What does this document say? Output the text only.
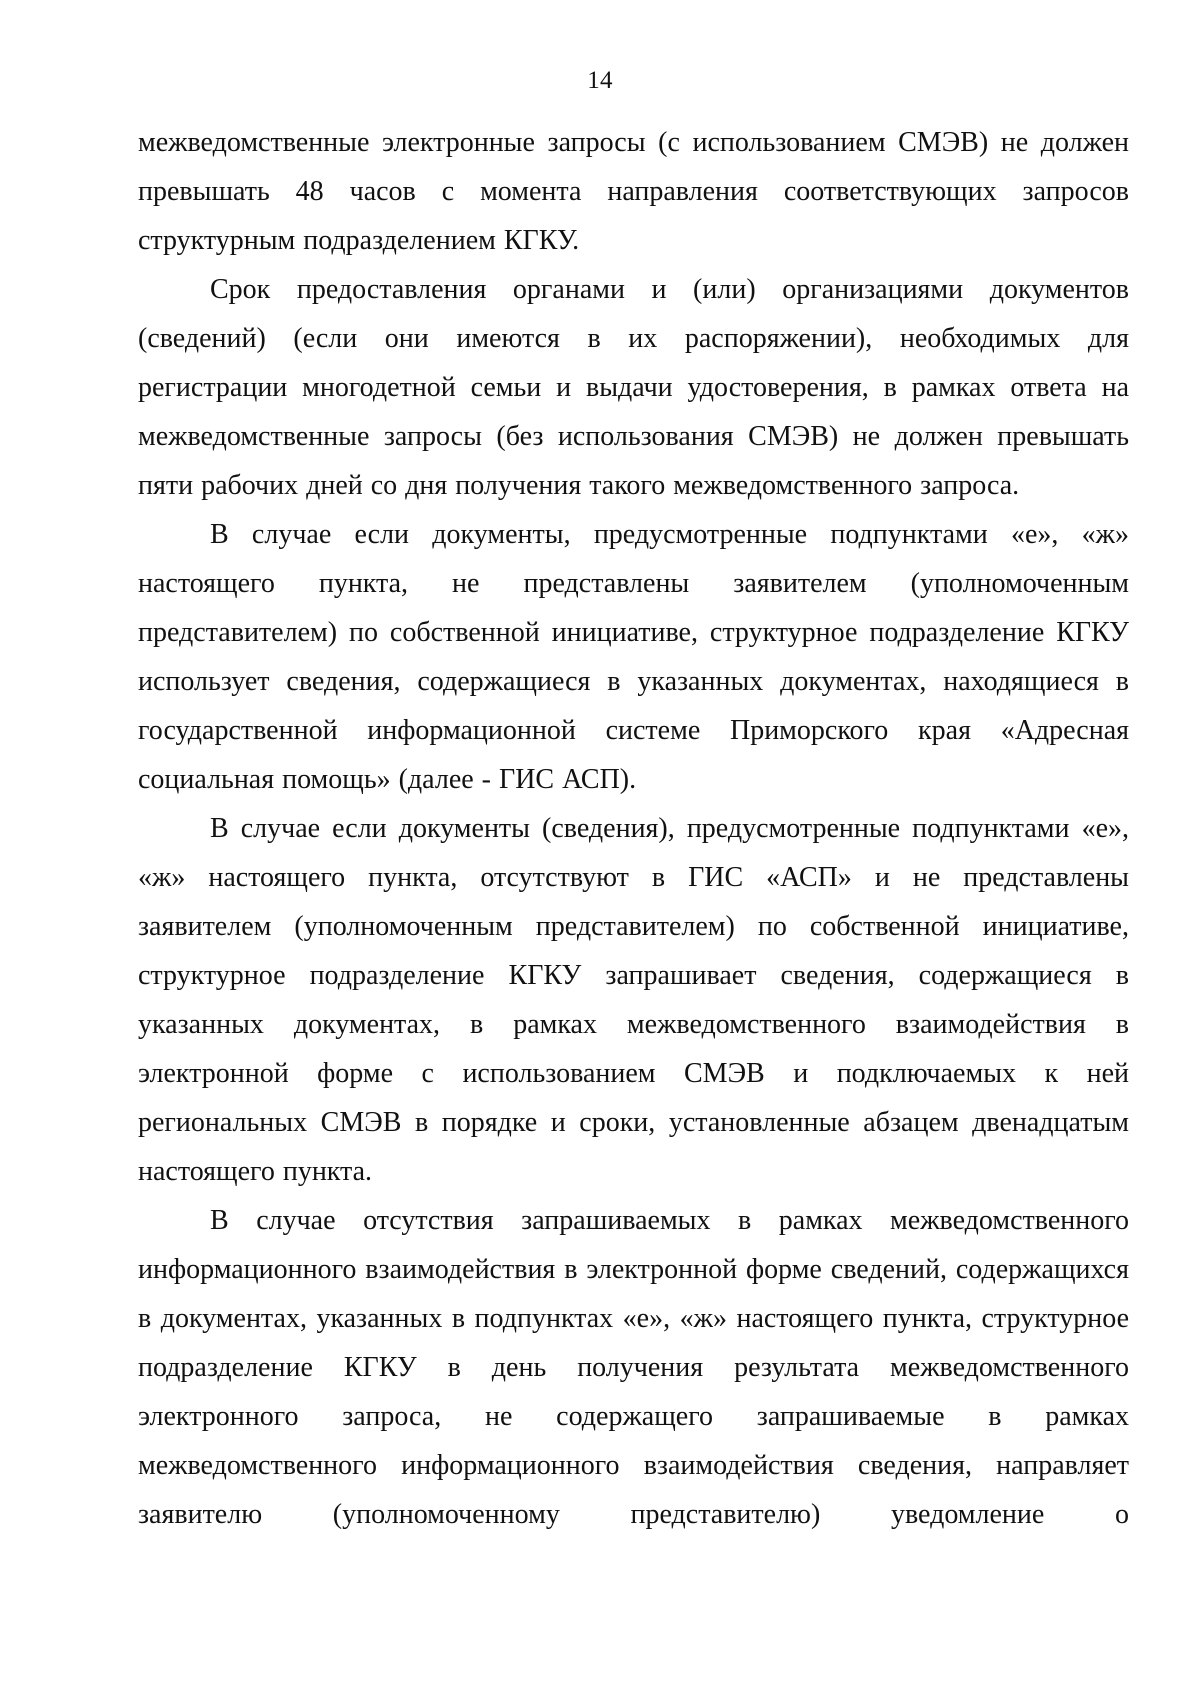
14

межведомственные электронные запросы (с использованием СМЭВ) не должен превышать 48 часов с момента направления соответствующих запросов структурным подразделением КГКУ.

Срок предоставления органами и (или) организациями документов (сведений) (если они имеются в их распоряжении), необходимых для регистрации многодетной семьи и выдачи удостоверения, в рамках ответа на межведомственные запросы (без использования СМЭВ) не должен превышать пяти рабочих дней со дня получения такого межведомственного запроса.

В случае если документы, предусмотренные подпунктами «е», «ж» настоящего пункта, не представлены заявителем (уполномоченным представителем) по собственной инициативе, структурное подразделение КГКУ использует сведения, содержащиеся в указанных документах, находящиеся в государственной информационной системе Приморского края «Адресная социальная помощь» (далее - ГИС АСП).

В случае если документы (сведения), предусмотренные подпунктами «е», «ж» настоящего пункта, отсутствуют в ГИС «АСП» и не представлены заявителем (уполномоченным представителем) по собственной инициативе, структурное подразделение КГКУ запрашивает сведения, содержащиеся в указанных документах, в рамках межведомственного взаимодействия в электронной форме с использованием СМЭВ и подключаемых к ней региональных СМЭВ в порядке и сроки, установленные абзацем двенадцатым настоящего пункта.

В случае отсутствия запрашиваемых в рамках межведомственного информационного взаимодействия в электронной форме сведений, содержащихся в документах, указанных в подпунктах «е», «ж» настоящего пункта, структурное подразделение КГКУ в день получения результата межведомственного электронного запроса, не содержащего запрашиваемые в рамках межведомственного информационного взаимодействия сведения, направляет заявителю (уполномоченному представителю) уведомление о
